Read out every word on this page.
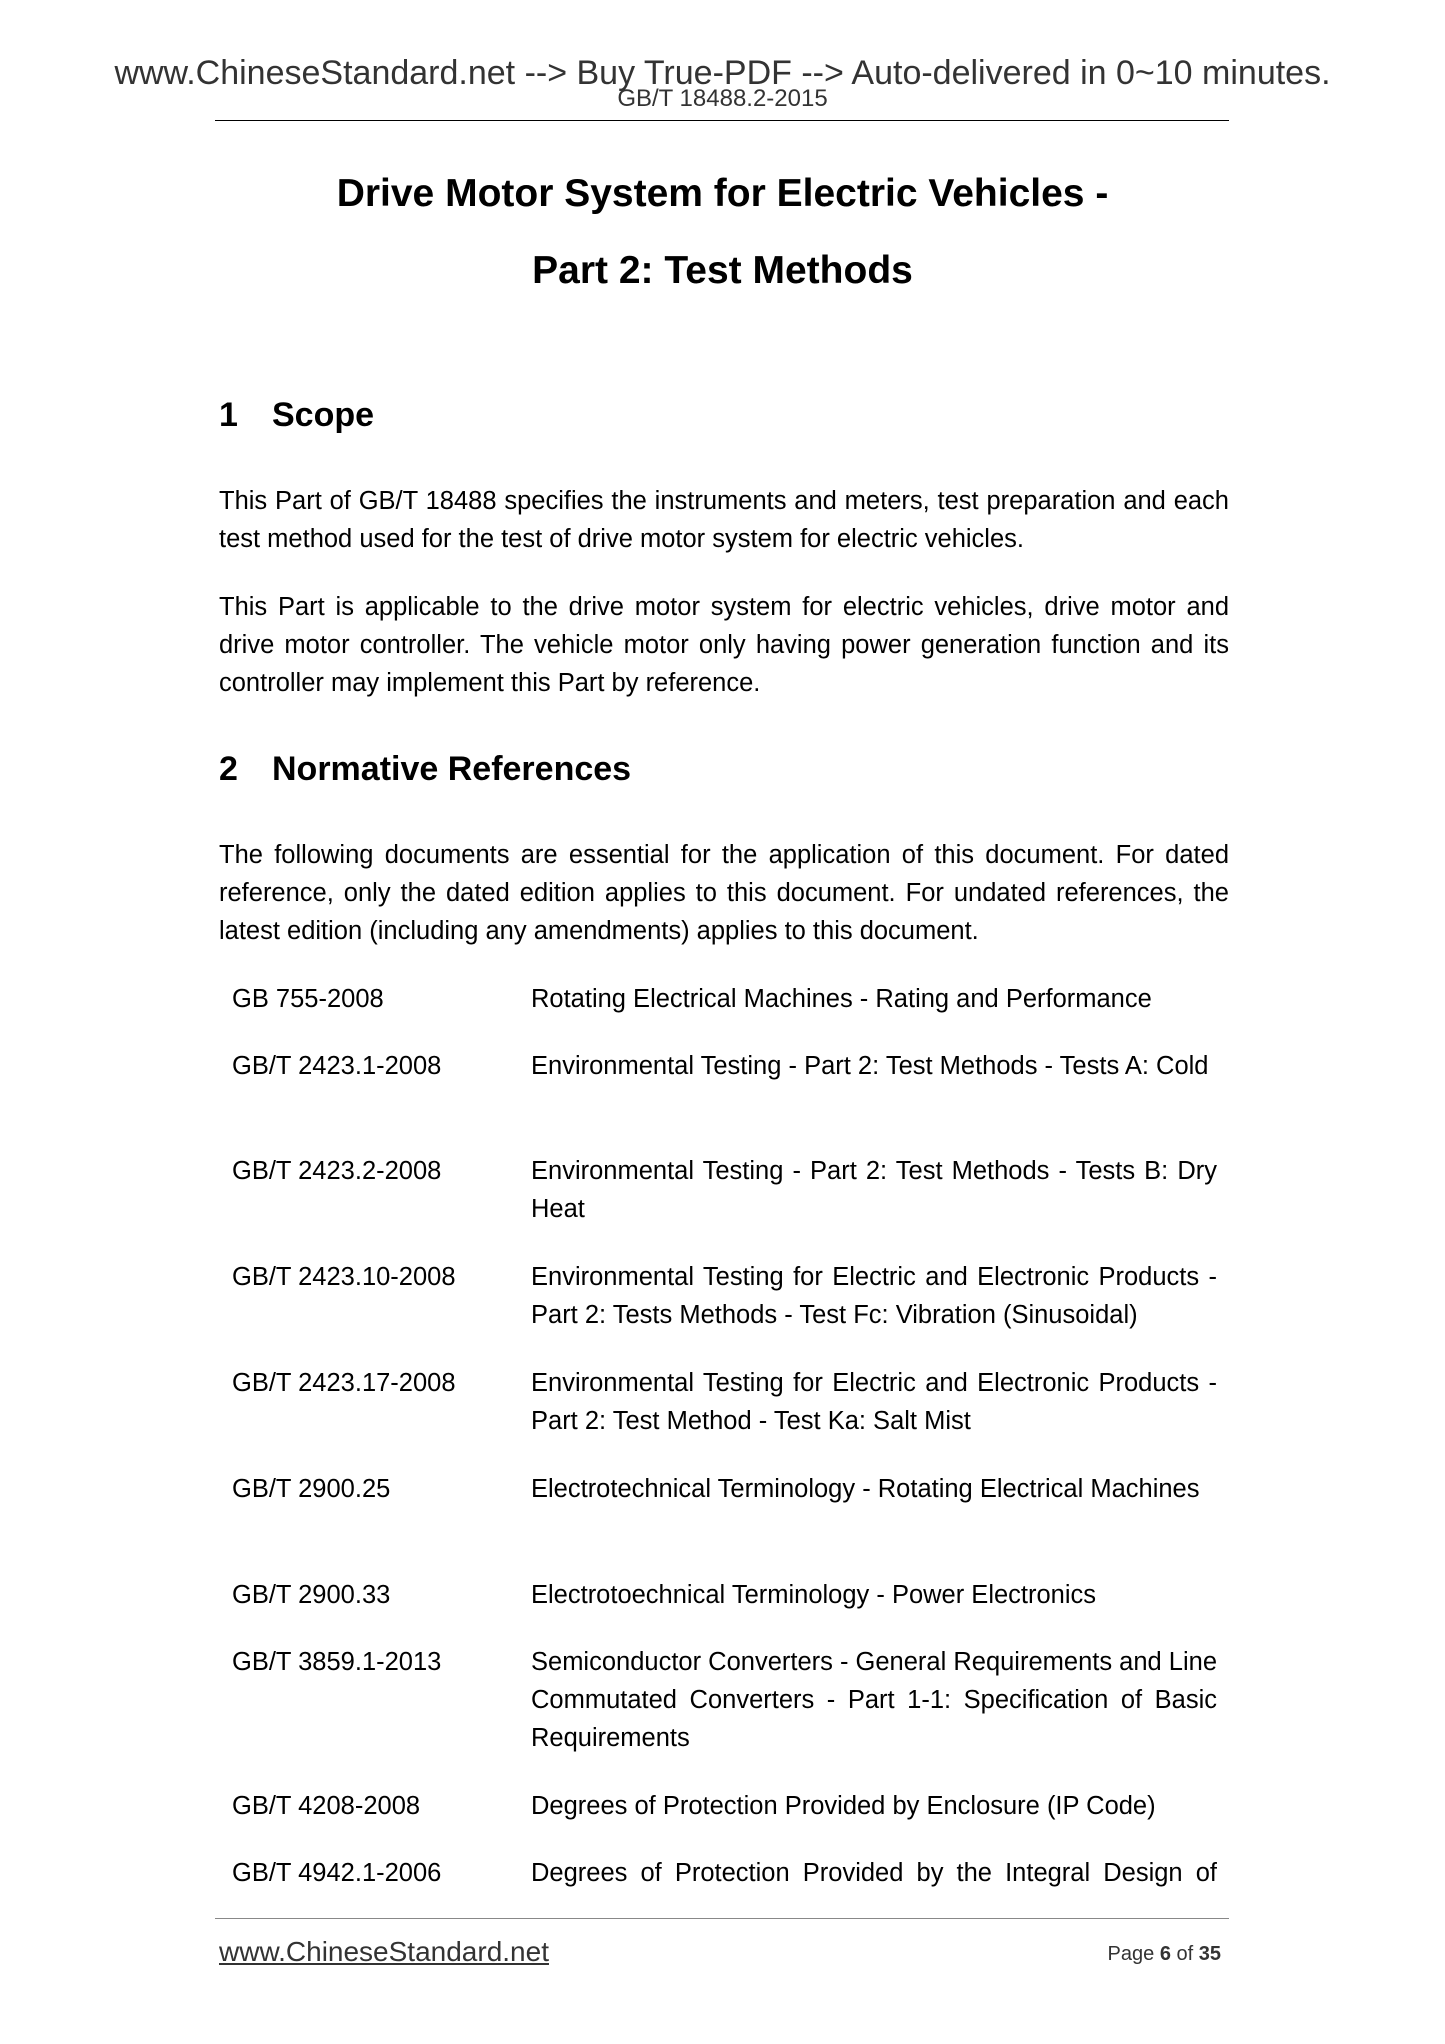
www.ChineseStandard.net --> Buy True-PDF --> Auto-delivered in 0~10 minutes.
GB/T 18488.2-2015
Drive Motor System for Electric Vehicles -
Part 2: Test Methods
1 Scope
This Part of GB/T 18488 specifies the instruments and meters, test preparation and each test method used for the test of drive motor system for electric vehicles.
This Part is applicable to the drive motor system for electric vehicles, drive motor and drive motor controller. The vehicle motor only having power generation function and its controller may implement this Part by reference.
2 Normative References
The following documents are essential for the application of this document. For dated reference, only the dated edition applies to this document. For undated references, the latest edition (including any amendments) applies to this document.
GB 755-2008	Rotating Electrical Machines - Rating and Performance
GB/T 2423.1-2008	Environmental Testing - Part 2: Test Methods - Tests A: Cold
GB/T 2423.2-2008	Environmental Testing - Part 2: Test Methods - Tests B: Dry Heat
GB/T 2423.10-2008	Environmental Testing for Electric and Electronic Products - Part 2: Tests Methods - Test Fc: Vibration (Sinusoidal)
GB/T 2423.17-2008	Environmental Testing for Electric and Electronic Products - Part 2: Test Method - Test Ka: Salt Mist
GB/T 2900.25	Electrotechnical Terminology - Rotating Electrical Machines
GB/T 2900.33	Electrotoechnical Terminology - Power Electronics
GB/T 3859.1-2013	Semiconductor Converters - General Requirements and Line Commutated Converters - Part 1-1: Specification of Basic Requirements
GB/T 4208-2008	Degrees of Protection Provided by Enclosure (IP Code)
GB/T 4942.1-2006	Degrees of Protection Provided by the Integral Design of
www.ChineseStandard.net	Page 6 of 35
